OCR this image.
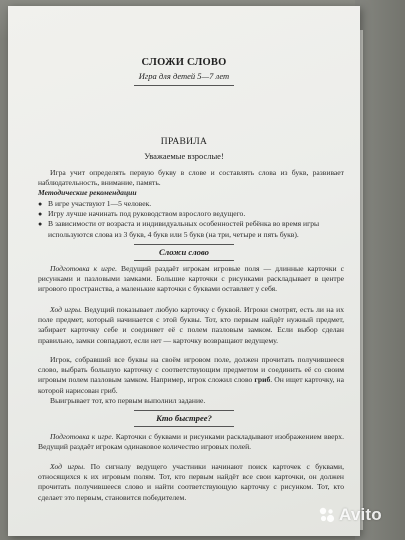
СЛОЖИ СЛОВО
Игра для детей 5—7 лет
ПРАВИЛА
Уважаемые взрослые!
Игра учит определять первую букву в слове и составлять слова из букв, развивает наблюдательность, внимание, память.
Методические рекомендации
● В игре участвуют 1—5 человек.
● Игру лучше начинать под руководством взрослого ведущего.
● В зависимости от возраста и индивидуальных особенностей ребёнка во время игры используются слова из 3 букв, 4 букв или 5 букв (на три, четыре и пять букв).
Сложи слово
Подготовка к игре. Ведущий раздаёт игрокам игровые поля — длинные карточки с рисунками и пазловыми замками. Большие карточки с рисунками раскладывает в центре игрового пространства, а маленькие карточки с буквами оставляет у себя.
Ход игры. Ведущий показывает любую карточку с буквой. Игроки смотрят, есть ли на их поле предмет, который начинается с этой буквы. Тот, кто первым найдёт нужный предмет, забирает карточку себе и соединяет её с полем пазловым замком. Если выбор сделан правильно, замки совпадают, если нет — карточку возвращают ведущему.
Игрок, собравший все буквы на своём игровом поле, должен прочитать получившееся слово, выбрать большую карточку с соответствующим предметом и соединить её со своим игровым полем пазловым замком. Например, игрок сложил слово гриб. Он ищет карточку, на которой нарисован гриб.
Выигрывает тот, кто первым выполнил задание.
Кто быстрее?
Подготовка к игре. Карточки с буквами и рисунками раскладывают изображением вверх. Ведущий раздаёт игрокам одинаковое количество игровых полей.
Ход игры. По сигналу ведущего участники начинают поиск карточек с буквами, относящихся к их игровым полям. Тот, кто первым найдёт все свои карточки, он должен прочитать получившееся слово и найти соответствующую карточку с рисунком. Тот, кто сделает это первым, становится победителем.
Avito
